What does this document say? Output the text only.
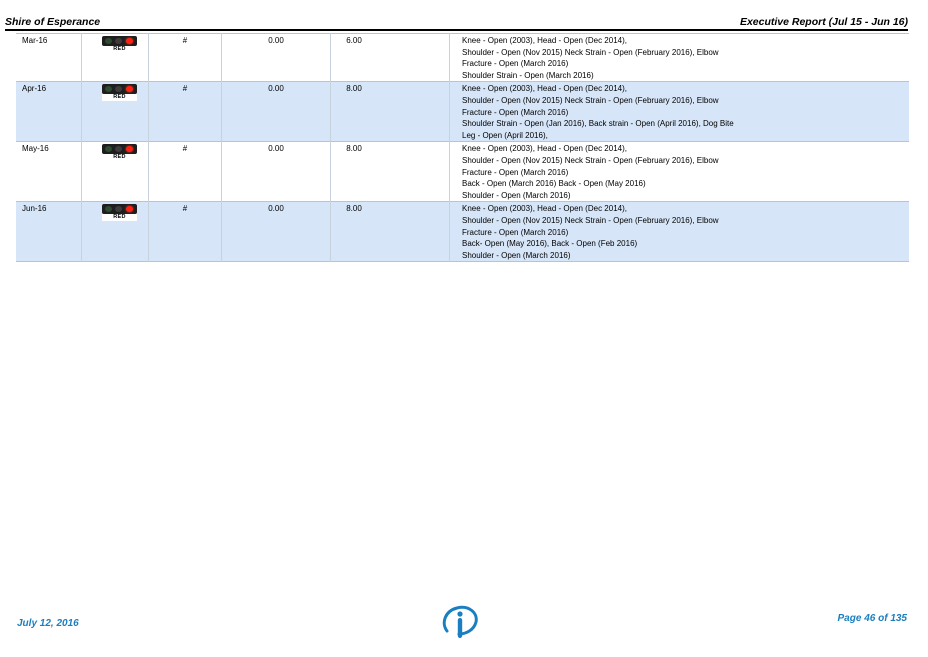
Shire of Esperance	Executive Report (Jul 15 - Jun 16)
Mar-16	RED	#	0.00	6.00	Knee - Open (2003), Head - Open (Dec 2014),
Shoulder - Open (Nov 2015) Neck Strain - Open (February 2016), Elbow
Fracture - Open (March 2016)
Shoulder Strain - Open (March 2016)

Apr-16	RED	#	0.00	8.00	Knee - Open (2003), Head - Open (Dec 2014),
Shoulder - Open (Nov 2015) Neck Strain - Open (February 2016), Elbow
Fracture - Open (March 2016)
Shoulder Strain - Open (Jan 2016), Back strain - Open (April 2016), Dog Bite
Leg - Open (April 2016),

May-16	RED	#	0.00	8.00	Knee - Open (2003), Head - Open (Dec 2014),
Shoulder - Open (Nov 2015) Neck Strain - Open (February 2016), Elbow
Fracture - Open (March 2016)
Back - Open (March 2016) Back - Open (May 2016)
Shoulder - Open (March 2016)

Jun-16	RED	#	0.00	8.00	Knee - Open (2003), Head - Open (Dec 2014),
Shoulder - Open (Nov 2015) Neck Strain - Open (February 2016), Elbow
Fracture - Open (March 2016)
Back- Open (May 2016), Back - Open (Feb 2016)
Shoulder - Open (March 2016)
July 12, 2016	Page 46 of 135
